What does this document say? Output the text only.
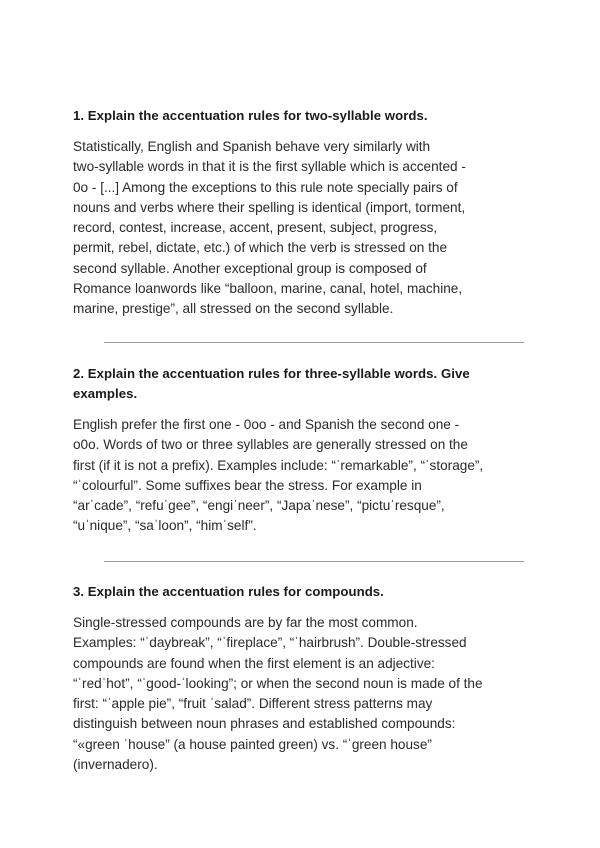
1. Explain the accentuation rules for two-syllable words.

Statistically, English and Spanish behave very similarly with
two-syllable words in that it is the first syllable which is accented -
0o - [...] Among the exceptions to this rule note specially pairs of
nouns and verbs where their spelling is identical (import, torment,
record, contest, increase, accent, present, subject, progress,
permit, rebel, dictate, etc.) of which the verb is stressed on the
second syllable. Another exceptional group is composed of
Romance loanwords like “balloon, marine, canal, hotel, machine,
marine, prestige”, all stressed on the second syllable.

2. Explain the accentuation rules for three-syllable words. Give examples.

English prefer the first one - 0oo - and Spanish the second one -
o0o. Words of two or three syllables are generally stressed on the
first (if it is not a prefix). Examples include: “ˈremarkable”, “ˈstorage”,
“ˈcolourful”. Some suffixes bear the stress. For example in
“arˈcade”, “refuˈgee”, “engiˈneer”, “Japaˈnese”, “pictuˈresque”,
“uˈnique”, “saˈloon”, “himˈself”.

3. Explain the accentuation rules for compounds.

Single-stressed compounds are by far the most common.
Examples: “ˈdaybreak”, “ˈfireplace”, “ˈhairbrush”. Double-stressed
compounds are found when the first element is an adjective:
“ˈredˈhot”, “ˈgood-ˈlooking”; or when the second noun is made of the
first: “ˈapple pie”, “fruit ˈsalad”. Different stress patterns may
distinguish between noun phrases and established compounds:
“«green ˈhouse” (a house painted green) vs. “ˈgreen house”
(invernadero).
